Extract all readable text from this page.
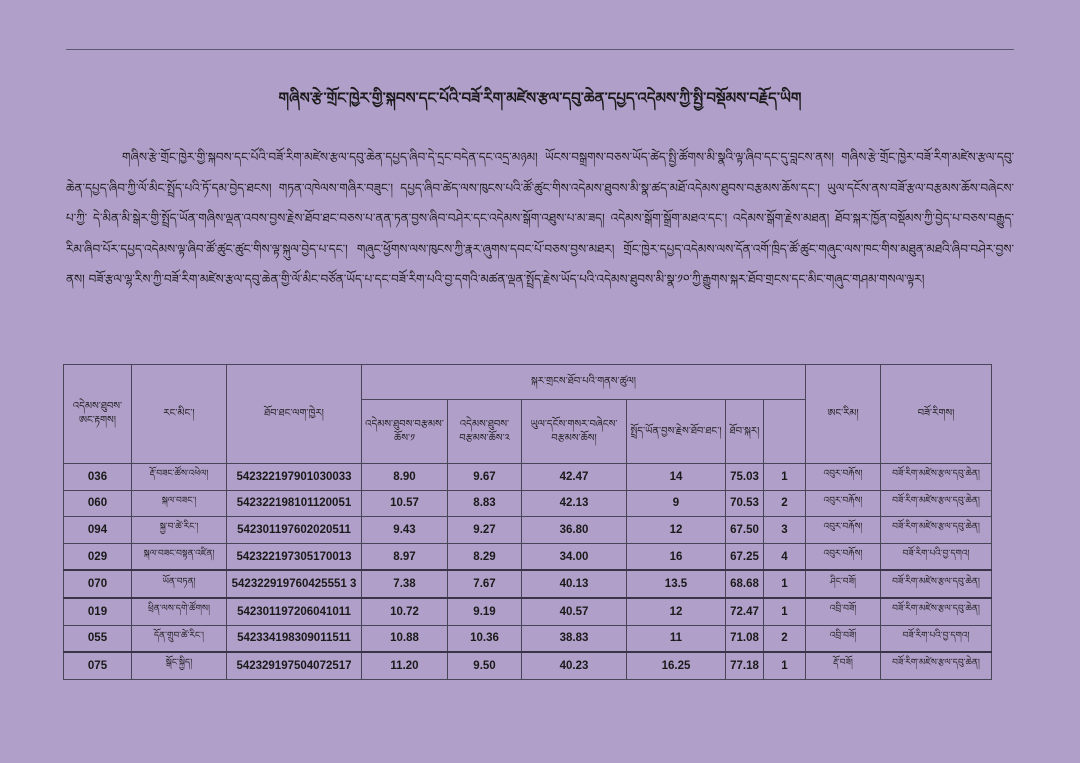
གཞིས་རྩེ་གྲོང་ཁྱེར་གྱི་སྐབས་དང་པོའི་བཟོ་རིག་མཛེས་རྩལ་དབུ་ཆེན་དཔྱད་འདེམས་ཀྱི་སྤྱི་བསྡོམས་བརྗོད་ཡིག
གཞིས་རྩེ་གྲོང་ཁྱེར་གྱི་སྐབས་དང་པོའི་བཟོ་རིག་མཛེས་རྩལ་དབུ་ཆེན་དཔྱད་ཞིབ་དེ་དྲང་བདེན་དང་འདྲ་མཉམ། ཡོངས་བསྒྲགས་བཅས་ཡོད་ཚེད་སྤྱི་ཚོགས་མི་སྣའི་ལྟ་ཞིབ་དང་དུ་བླངས་ནས། གཞིས་རྩེ་གྲོང་ཁྱེར་བཟོ་རིག་མཛེས་རྩལ་དབུ་ཆེན་དཔྱད་ཞིབ་ཀྱི་ལོ་མིང་སྤྲོད་པའི་ཏོ་དམ་བྱེད་ཐངས། གཏན་འཁེལས་གཞིར་བཟུང་། དཔྱད་ཞིབ་ཚེད་ལས་ཁུངས་པའི་ཚོ་ཚུང་གིས་འདེམས་ཐུབས་མི་སྣ་ཚད་མཐོ་འདེམས་ཐུབས་བརྩམས་ཆོས་དང་། ཡུལ་དངོས་ནས་བཟོ་རྩལ་བརྩམས་ཆོས་བཞེངས་པ་ཀྱི་ དེ་མིན་མི་སྒེར་གྱི་སྤྲོད་ཡོན་གཞིས་ལྡན་འབས་བྱས་རྗེས་ཐོབ་ཐང་བཅས་པ་ནན་ཏན་བྱས་ཞིབ་བཤེར་དང་འདེམས་སྒོག་འཐུས་པ་མ་ཟད། འདེམས་སྒོག་སྒྲོག་མཐའ་དང་། འདེམས་སྒོག་རྗེས་མཐན། ཐོབ་སྐར་ཁྱོན་བསྡོམས་ཀྱི་བྱེད་པ་བཅས་བརྒྱུད་རིམ་ཞིབ་པོར་དཔྱད་འདེམས་ལྟ་ཞིབ་ཚོ་ཚུང་ཚུང་གིས་ལྟ་སྐུལ་བྱེད་པ་དང་། གཞུང་ཕྱོགས་ལས་ཁུངས་ཀྱི་རྣར་ཞུགས་དབང་པོ་བཅས་བྱས་མཐར། གྲོང་ཁྱེར་དཔྱད་འདེམས་ལས་དོན་འགོ་ཁྲིད་ཚོ་ཚུང་གཞུང་ལས་ཁང་གིས་མཐུན་མཐའི་ཞིབ་བཤེར་བྱས་ནས། བཟོ་རྩལ་ལྷ་རིས་ཀྱི་བཟོ་རིག་མཛེས་རྩལ་དབུ་ཆེན་གྱི་ལོ་མིང་བཙོན་ཡོད་པ་དང་བཟོ་རིག་པའི་བྱ་དགའི་མཚན་ལྡན་སྤྲོད་རྗེས་ཡོད་པའི་འདེམས་ཐུབས་མི་སྣ་༡༠་ཀྱི་རྒྱུགས་སྐར་ཐོབ་གྲངས་དང་མིང་གཞུང་གཤམ་གསལ་ལྟར།
འདེམས་ཐུབས་ཨང་རྟགས།	རང་མིང་།	ཐོབ་ཐང་ལག་ཁྱེར།	སྐར་གྲངས་ཐོབ་པའི་གནས་ཚུལ།						ཨང་རིམ།	བཟོ་རིགས།	
			འདེམས་ཐུབས་བརྩམས་ཆོས་༡	འདེམས་ཐུབས་བརྩམས་ཆོས་༢	ཡུལ་དངོས་གསར་བཞེངས་བརྩམས་ཆོས།	སྤྲོད་ཡོན་བྱས་རྗེས་ཐོབ་ཐང་།	ཐོབ་སྐར།				
036	རྡོ་བཟང་ཚོས་འཕེལ།	542322197901030033	8.90	9.67	42.47	14	75.03	1	འབུར་བརྐོས།	བཟོ་རིག་མཛེས་རྩལ་དབུ་ཆེན།	
060	སྐལ་བཟང་།	542322198101120051	10.57	8.83	42.13	9	70.53	2	འབུར་བརྐོས།	བཟོ་རིག་མཛེས་རྩལ་དབུ་ཆེན།	
094	སྐྱ་བ་ཚེ་རིང་།	542301197602020511	9.43	9.27	36.80	12	67.50	3	འབུར་བརྐོས།	བཟོ་རིག་མཛེས་རྩལ་དབུ་ཆེན།	
029	སྐལ་བཟང་བསྟན་འཛིན།	542322197305170013	8.97	8.29	34.00	16	67.25	4	འབུར་བརྐོས།	བཟོ་རིག་པའི་བྱ་དགའ།	
070	ཡོན་བཏན།	542322919760425551 3	7.38	7.67	40.13	13.5	68.68	1	ཤིང་བཟོ།	བཟོ་རིག་མཛེས་རྩལ་དབུ་ཆེན།	
019	ཕྲིན་ལས་དགེ་ཚོགས།	542301197206041011	10.72	9.19	40.57	12	72.47	1	འབྲི་བཟོ།	བཟོ་རིག་མཛེས་རྩལ་དབུ་ཆེན།	
055	དོན་གྲུབ་ཚེ་རིང་།	542334198309011511	10.88	10.36	38.83	11	71.08	2	འབྲི་བཟོ།	བཟོ་རིག་པའི་བྱ་དགའ།	
075	སྒོང་སྐྱིད།	542329197504072517	11.20	9.50	40.23	16.25	77.18	1	རྡོ་བཟོ།	བཟོ་རིག་མཛེས་རྩལ་དབུ་ཆེན།	
